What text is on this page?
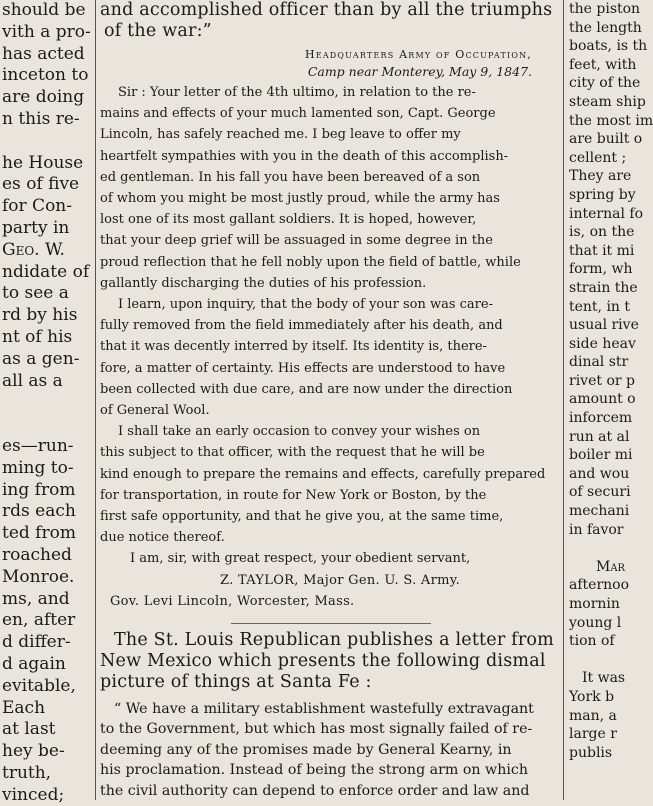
should be
vith a pro-
has acted
inceton to
are doing
n this re-

he House
es of five
for Con-
party in
Geo. W.
ndidate of
to see a
rd by his
nt of his
as a gen-
all as a

es—run-
ming to-
ing from
rds each
ted from
roached
Monroe.
ms, and
en, after
d differ-
d again
evitable,
Each
at last
hey be-
truth,
vinced;
and accomplished officer than by all the triumphs
of the war:”
Headquarters Army of Occupation,
Camp near Monterey, May 9, 1847.
Sir : Your letter of the 4th ultimo, in relation to the re-
mains and effects of your much lamented son, Capt. George
Lincoln, has safely reached me. I beg leave to offer my
heartfelt sympathies with you in the death of this accomplish-
ed gentleman. In his fall you have been bereaved of a son
of whom you might be most justly proud, while the army has
lost one of its most gallant soldiers. It is hoped, however,
that your deep grief will be assuaged in some degree in the
proud reflection that he fell nobly upon the field of battle, while
gallantly discharging the duties of his profession.
I learn, upon inquiry, that the body of your son was care-
fully removed from the field immediately after his death, and
that it was decently interred by itself. Its identity is, there-
fore, a matter of certainty. His effects are understood to have
been collected with due care, and are now under the direction
of General Wool.
I shall take an early occasion to convey your wishes on
this subject to that officer, with the request that he will be
kind enough to prepare the remains and effects, carefully prepared
for transportation, in route for New York or Boston, by the
first safe opportunity, and that he give you, at the same time,
due notice thereof.
I am, sir, with great respect, your obedient servant,
Z. TAYLOR, Major Gen. U. S. Army.
Gov. Levi Lincoln, Worcester, Mass.
The St. Louis Republican publishes a letter from
New Mexico which presents the following dismal
picture of things at Santa Fe :
“ We have a military establishment wastefully extravagant
to the Government, but which has most signally failed of re-
deeming any of the promises made by General Kearny, in
his proclamation. Instead of being the strong arm on which
the civil authority can depend to enforce order and law and
the piston
the length
boats, is th
feet, with
city of the
steam ship
the most im
are built o
cellent ;
They are
spring by
internal fo
is, on the
that it mi
form, wh
strain the
tent, in t
usual rive
side heav
dinal str
rivet or p
amount o
inforcem
run at al
boiler mi
and wou
of securi
mechani
in favor

Mar
afternoo
mornin
young l
tion of

It was
York b
man, a
large r
publis
